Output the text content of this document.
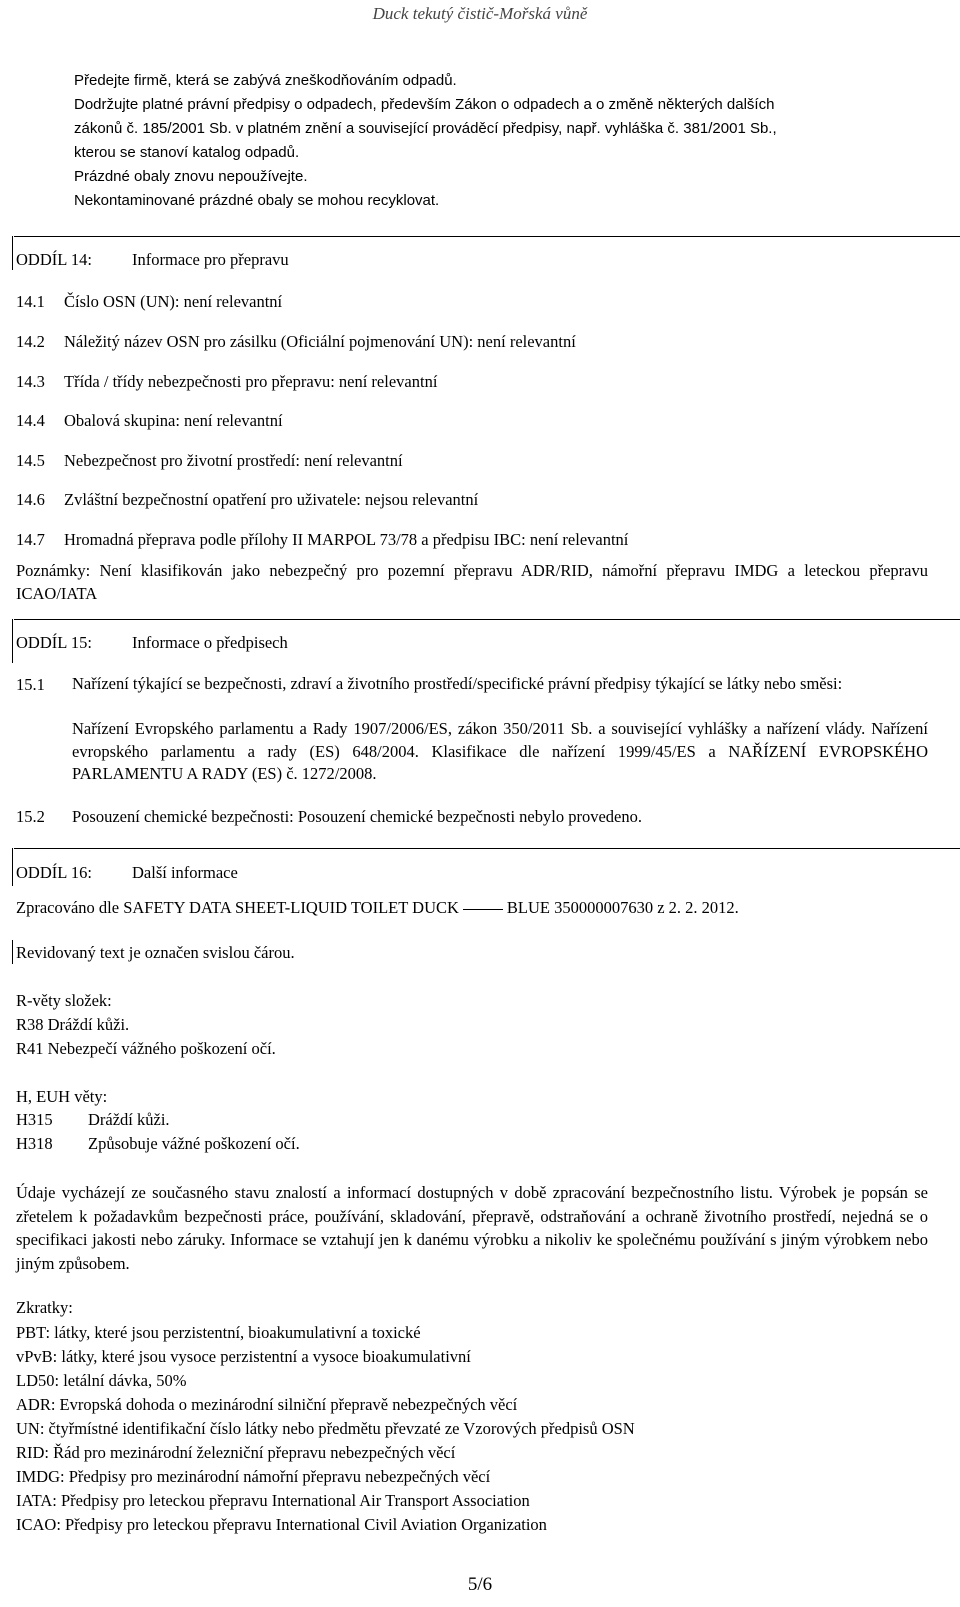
Duck tekutý čistič-Mořská vůně
Předejte firmě, která se zabývá zneškodňováním odpadů.
Dodržujte platné právní předpisy o odpadech, především Zákon o odpadech a o změně některých dalších
zákonů č. 185/2001 Sb. v platném znění a související prováděcí předpisy, např. vyhláška č. 381/2001 Sb.,
kterou se stanoví katalog odpadů.
Prázdné obaly znovu nepoužívejte.
Nekontaminované prázdné obaly se mohou recyklovat.
ODDÍL 14: Informace pro přepravu
14.1 Číslo OSN (UN): není relevantní
14.2 Náležitý název OSN pro zásilku (Oficiální pojmenování UN): není relevantní
14.3 Třída / třídy nebezpečnosti pro přepravu: není relevantní
14.4 Obalová skupina: není relevantní
14.5 Nebezpečnost pro životní prostředí: není relevantní
14.6 Zvláštní bezpečnostní opatření pro uživatele: nejsou relevantní
14.7 Hromadná přeprava podle přílohy II MARPOL 73/78 a předpisu IBC: není relevantní
Poznámky: Není klasifikován jako nebezpečný pro pozemní přepravu ADR/RID, námořní přepravu IMDG a leteckou přepravu ICAO/IATA
ODDÍL 15: Informace o předpisech
15.1 Nařízení týkající se bezpečnosti, zdraví a životního prostředí/specifické právní předpisy týkající se látky nebo směsi:
Nařízení Evropského parlamentu a Rady 1907/2006/ES, zákon 350/2011 Sb. a související vyhlášky a nařízení vlády. Nařízení evropského parlamentu a rady (ES) 648/2004. Klasifikace dle nařízení 1999/45/ES a NAŘÍZENÍ EVROPSKÉHO PARLAMENTU A RADY (ES) č. 1272/2008.
15.2 Posouzení chemické bezpečnosti: Posouzení chemické bezpečnosti nebylo provedeno.
ODDÍL 16: Další informace
Zpracováno dle SAFETY DATA SHEET-LIQUID TOILET DUCK	BLUE 350000007630 z 2. 2. 2012.
Revidovaný text je označen svislou čárou.
R-věty složek:
R38 Dráždí kůži.
R41 Nebezpečí vážného poškození očí.
H, EUH věty:
H315 Dráždí kůži.
H318 Způsobuje vážné poškození očí.
Údaje vycházejí ze současného stavu znalostí a informací dostupných v době zpracování bezpečnostního listu. Výrobek je popsán se zřetelem k požadavkům bezpečnosti práce, používání, skladování, přepravě, odstraňování a ochraně životního prostředí, nejedná se o specifikaci jakosti nebo záruky. Informace se vztahují jen k danému výrobku a nikoliv ke společnému používání s jiným výrobkem nebo jiným způsobem.
Zkratky:
PBT: látky, které jsou perzistentní, bioakumulativní a toxické
vPvB: látky, které jsou vysoce perzistentní a vysoce bioakumulativní
LD50: letální dávka, 50%
ADR: Evropská dohoda o mezinárodní silniční přepravě nebezpečných věcí
UN: čtyřmístné identifikační číslo látky nebo předmětu převzaté ze Vzorových předpisů OSN
RID: Řád pro mezinárodní železniční přepravu nebezpečných věcí
IMDG: Předpisy pro mezinárodní námořní přepravu nebezpečných věcí
IATA: Předpisy pro leteckou přepravu International Air Transport Association
ICAO: Předpisy pro leteckou přepravu International Civil Aviation Organization
5/6
